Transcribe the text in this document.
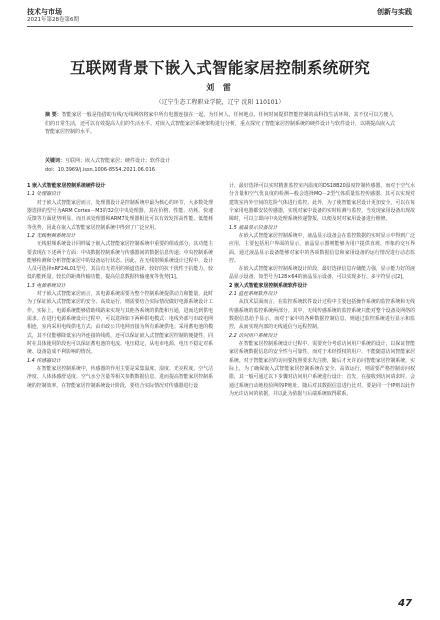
技术与市场
2021年第28卷第6期
创新与实践
互联网背景下嵌入式智能家居控制系统研究
刘 雷
（辽宁生态工程职业学院，辽宁 沈阳 110101）
摘 要：智能家居一般是指借助有线/无线网络将家中所有电器连接在一起，为任何人、任何地点、任何时间提供智能控制的高科技生活环境，其不仅可以方便人们的日常生活，还可以有效提高人们的生活水平。对嵌入式智能家居系统架构进行分析，重点探究了智能家居控制系统的硬件设计与软件设计，以期提高嵌入式智能家居控制的水平。
关键词：互联网；嵌入式智能家居；硬件设计；软件设计
doi：10.3969/j.issn.1006-8554.2021.06.016

1 嵌入式智能家居控制系统硬件设计

1.1 处理器设计

对于嵌入式智能家居而言，处理器设计是控制系统中最为核心的环节，大多数处理器选择的型号为ARM Cortex－M3的32位中央处理器，其在价格、性能、功耗、快速反馈等方面优势明显，而且该处理器和ARM7处理器相比可以有效发挥高性能、低能耗等优势，因此在嵌入式智能家居控制系统中得到了广泛应用。

1.2 无线射频系统设计

无线射频系统设计同样属于嵌入式智能家居控制系统中重要的组成部分，其功能主要表现在下述两个方面：中央数据控制系统与传感器间的数据信息传递；中央控制系统能够检测和分析智能家居中的设备运行状态。因此，在无线射频系统设计过程中，设计人员可选择nRF24L01型号，其具有无着用的频道选择，较好的抗干扰性于抗能力，较低的能耗量，较长的距离传输功能，提高信息数据传输速度等优势[1]。

1.3 电源系统设计

对于嵌入式智能家居而言，其电源系统需要为整个控制系统提供动力和能量，此时为了保证嵌入式智能家居的安全、高效运行，则需要结合实际情况做好电源系统设计工作。实际上，电源系统能够借助线路来实现与其他各系统的供能和互通，进而达到供电需求。在进行电源系统设计过程中，可以选择如下两种供电模式：电线外部与市政电网相连，室内采用电线供电方式；由市政公共电网直接为所有系统供电；采用蓄电池的模式，其不仅能够降低室内外连接的线缆，还可以保证嵌入式智能家居控制的便捷性，同时在具体使用阶段也可以保证蓄电池的电流、电压稳定，从电市电源、电压不稳定对系统、设备造成不利影响的情况。

1.4 传感器设计

在智能家居控制系统中，传感器的作用主要是采集温度、湿度、光亮程度、空气洁净度、人体体感舒适度、空气水分含量等相关参数数据信息，进而提高智能家居控制系统的控制效率。在智能家居控制系统设计阶段，要结合实际情况对传感器进行设

计，最好选择可以实时精准监控室内温度的DS18B20温度控制传感器，而对于空气水分含量和空气优良度的检测—般会选择MQ－2型气体质量监控传感器，其可以实现对建筑室内外空间的危险气体进行监控。此外，为了使智能家居设计更加安全，可以在每个家用电器都安装传感器，实现对家中设备的实时检测与监控，当发现家用设备出现故障时，可以立即向中央处理系统传递警报，以便及时对家用设备进行维修。

1.5 液晶显示设备设计

在嵌入式智能家居控制系统中，液晶显示设备会在监控数据的实时显示中得到广泛应用，主要包括用户界面的显示，液晶显示器则能够为用户提供直观、形象的交互界面，通过液晶显示设备能够对家中的各项数据信息和家用设备的运行情况进行动态监控。

在嵌入式智能家居控制系统设计阶段，最好选择信息存储能力强，显示能力好的液晶显示设备，如型号为128×64的液晶显示设备，可以实现多行、多字符显示[2]。

2 嵌入式智能家居控制系统软件设计

2.1 监控系统软件设计

从技术层面而言，在监控系统软件设计过程中主要包括操作系统的监控系统和无线传感系统的监控系统两部分。其中，无线传感系统的监控系统只能对整个设备及网络的数据信息给予显示，而对于家中的各种数据控制信息，则通过监控系统进行显示和监控，从而实现内部的无线通信与远程控制。

2.2 访问用户系统设计

在智能家居控制系统设计过程中，需要充分考虑访问用户系统的设计，以保证智能家居系统数据信息的安全性与可靠性，而对于未经授权的用户，不能随意访问智能家居系统。对于智能家居的访问要按照要求先注册，随后才允许访问智能家居控制系统。实际上，为了确保嵌入式智能家居控制系统在安全、高效运行，则需要严格控制访问权限，其一般可通过以下步骤对访问用户系统进行设计：首先，在接收到访问请求时，会通过系统自动地校验网络IP地址，随后对其数据信息进行比对，要是同一个IP则以此作为允许访问的依据，并以此为依据与后端系统取得联系。

47
